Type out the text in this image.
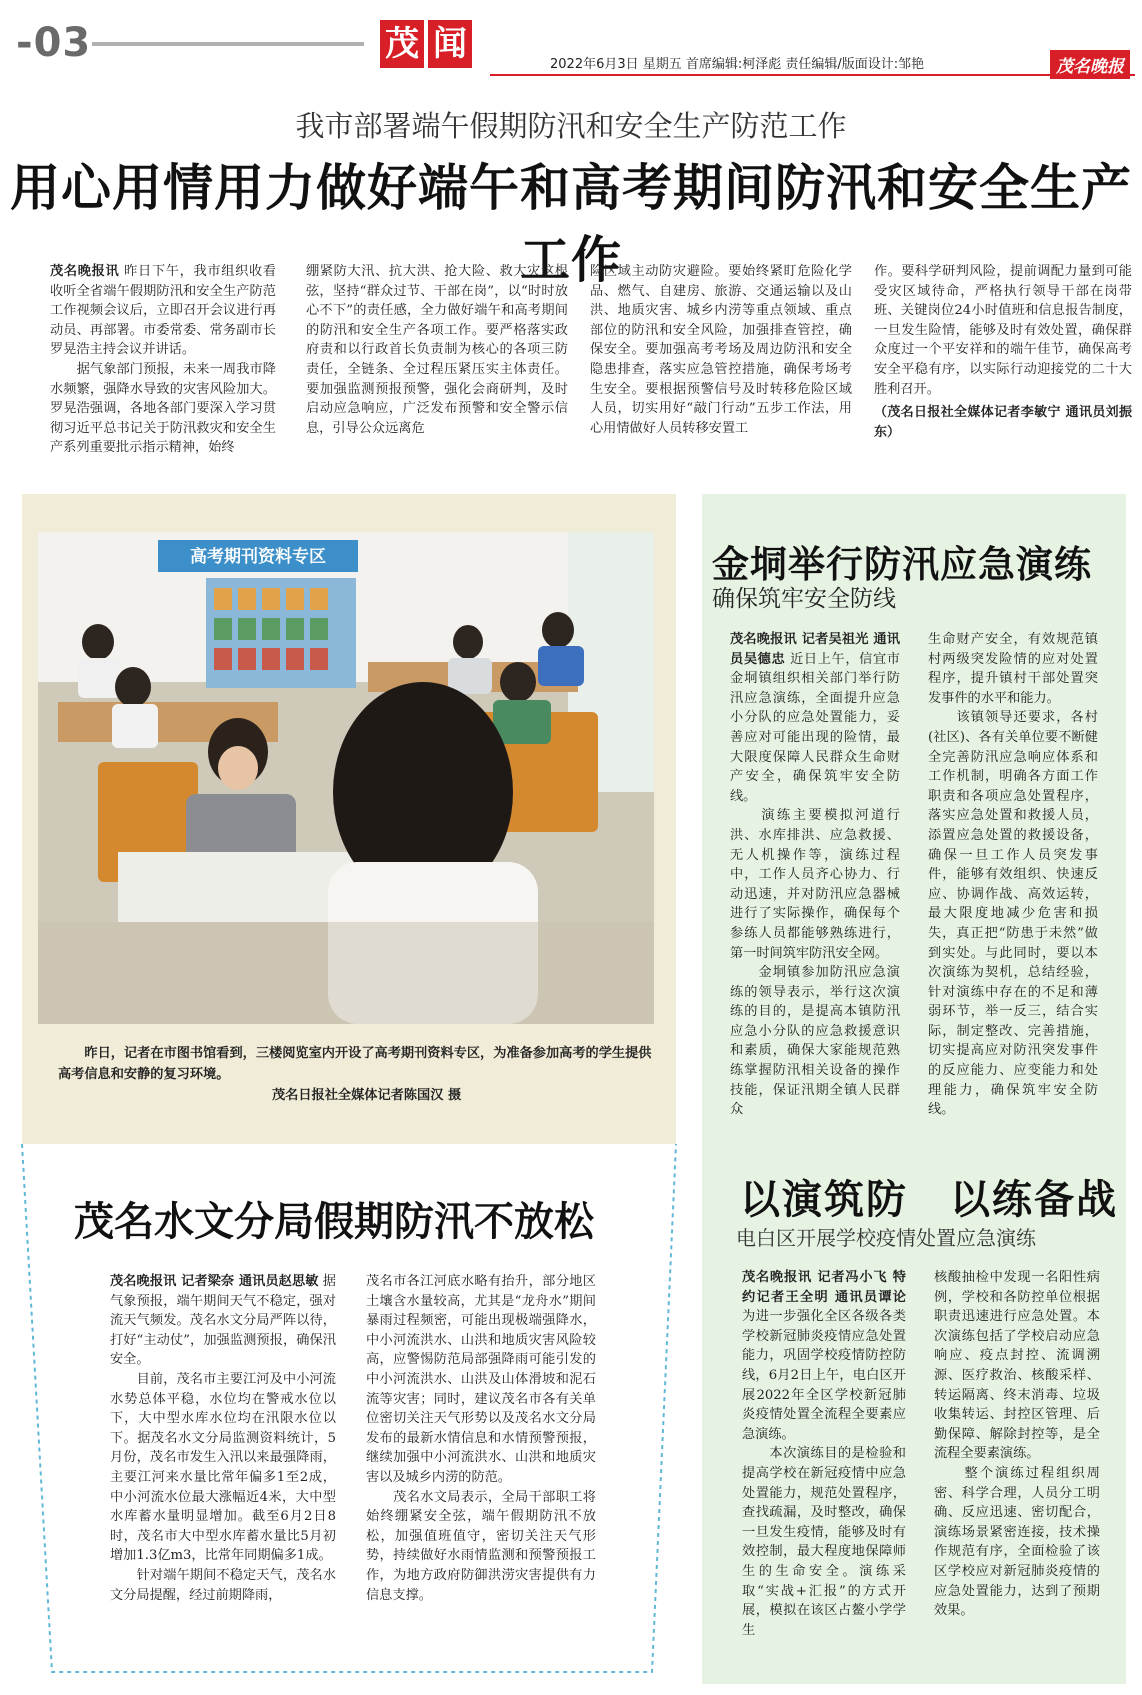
-03	茂 闻
2022年6月3日 星期五 首席编辑:柯泽彪 责任编辑/版面设计:邹艳	茂名晚报
我市部署端午假期防汛和安全生产防范工作
用心用情用力做好端午和高考期间防汛和安全生产工作
茂名晚报讯 昨日下午，我市组织收看收听全省端午假期防汛和安全生产防范工作视频会议后，立即召开会议进行再动员、再部署。市委常委、常务副市长罗晃浩主持会议并讲话。
　　据气象部门预报，未来一周我市降水频繁，强降水导致的灾害风险加大。罗晃浩强调，各地各部门要深入学习贯彻习近平总书记关于防汛救灾和安全生产系列重要批示指示精神，始终
绷紧防大汛、抗大洪、抢大险、救大灾这根弦，坚持“群众过节、干部在岗”，以“时时放心不下”的责任感，全力做好端午和高考期间的防汛和安全生产各项工作。要严格落实政府责和以行政首长负责制为核心的各项三防责任，全链条、全过程压紧压实主体责任。要加强监测预报预警，强化会商研判，及时启动应急响应，广泛发布预警和安全警示信息，引导公众远离危
险区域主动防灾避险。要始终紧盯危险化学品、燃气、自建房、旅游、交通运输以及山洪、地质灾害、城乡内涝等重点领域、重点部位的防汛和安全风险，加强排查管控，确保安全。要加强高考考场及周边防汛和安全隐患排查，落实应急管控措施，确保考场考生安全。要根据预警信号及时转移危险区域人员，切实用好“敲门行动”五步工作法，用心用情做好人员转移安置工
作。要科学研判风险，提前调配力量到可能受灾区域待命，严格执行领导干部在岗带班、关键岗位24小时值班和信息报告制度，一旦发生险情，能够及时有效处置，确保群众度过一个平安祥和的端午佳节，确保高考安全平稳有序，以实际行动迎接党的二十大胜利召开。
（茂名日报社全媒体记者李敏宁 通讯员刘振东）
高考期刊资料专区
昨日，记者在市图书馆看到，三楼阅览室内开设了高考期刊资料专区，为准备参加高考的学生提供高考信息和安静的复习环境。
茂名日报社全媒体记者陈国汉 摄
茂名水文分局假期防汛不放松
茂名晚报讯 记者梁奈 通讯员赵思敏 据气象预报，端午期间天气不稳定，强对流天气频发。茂名水文分局严阵以待，打好“主动仗”，加强监测预报，确保汛安全。
　　目前，茂名市主要江河及中小河流水势总体平稳，水位均在警戒水位以下，大中型水库水位均在汛限水位以下。据茂名水文分局监测资料统计，5月份，茂名市发生入汛以来最强降雨，主要江河来水量比常年偏多1至2成，中小河流水位最大涨幅近4米，大中型水库蓄水量明显增加。截至6月2日8时，茂名市大中型水库蓄水量比5月初增加1.3亿m3，比常年同期偏多1成。
　　针对端午期间不稳定天气，茂名水文分局提醒，经过前期降雨，
茂名市各江河底水略有抬升，部分地区土壤含水量较高，尤其是“龙舟水”期间暴雨过程频密，可能出现极端强降水，中小河流洪水、山洪和地质灾害风险较高，应警惕防范局部强降雨可能引发的中小河流洪水、山洪及山体滑坡和泥石流等灾害；同时，建议茂名市各有关单位密切关注天气形势以及茂名水文分局发布的最新水情信息和水情预警预报，继续加强中小河流洪水、山洪和地质灾害以及城乡内涝的防范。
　　茂名水文局表示，全局干部职工将始终绷紧安全弦，端午假期防汛不放松，加强值班值守，密切关注天气形势，持续做好水雨情监测和预警预报工作，为地方政府防御洪涝灾害提供有力信息支撑。
金垌举行防汛应急演练
确保筑牢安全防线
茂名晚报讯 记者吴祖光 通讯员吴德忠 近日上午，信宜市金垌镇组织相关部门举行防汛应急演练，全面提升应急小分队的应急处置能力，妥善应对可能出现的险情，最大限度保障人民群众生命财产安全，确保筑牢安全防线。
　　演练主要模拟河道行洪、水库排洪、应急救援、无人机操作等，演练过程中，工作人员齐心协力、行动迅速，并对防汛应急器械进行了实际操作，确保每个参练人员都能够熟练进行，第一时间筑牢防汛安全网。
　　金垌镇参加防汛应急演练的领导表示，举行这次演练的目的，是提高本镇防汛应急小分队的应急救援意识和素质，确保大家能规范熟练掌握防汛相关设备的操作技能，保证汛期全镇人民群众
生命财产安全，有效规范镇村两级突发险情的应对处置程序，提升镇村干部处置突发事件的水平和能力。
　　该镇领导还要求，各村(社区)、各有关单位要不断健全完善防汛应急响应体系和工作机制，明确各方面工作职责和各项应急处置程序，落实应急处置和救援人员，添置应急处置的救援设备，确保一旦工作人员突发事件，能够有效组织、快速反应、协调作战、高效运转，最大限度地减少危害和损失，真正把“防患于未然”做到实处。与此同时，要以本次演练为契机，总结经验，针对演练中存在的不足和薄弱环节，举一反三，结合实际，制定整改、完善措施，切实提高应对防汛突发事件的反应能力、应变能力和处理能力，确保筑牢安全防线。
以演筑防　以练备战
电白区开展学校疫情处置应急演练
茂名晚报讯 记者冯小飞 特约记者王全明 通讯员谭论 为进一步强化全区各级各类学校新冠肺炎疫情应急处置能力，巩固学校疫情防控防线，6月2日上午，电白区开展2022年全区学校新冠肺炎疫情处置全流程全要素应急演练。
　　本次演练目的是检验和提高学校在新冠疫情中应急处置能力，规范处置程序，查找疏漏，及时整改，确保一旦发生疫情，能够及时有效控制，最大程度地保障师生的生命安全。演练采取“实战+汇报”的方式开展，模拟在该区占鳌小学学生
核酸抽检中发现一名阳性病例，学校和各防控单位根据职责迅速进行应急处置。本次演练包括了学校启动应急响应、疫点封控、流调溯源、医疗救治、核酸采样、转运隔离、终末消毒、垃圾收集转运、封控区管理、后勤保障、解除封控等，是全流程全要素演练。
　　整个演练过程组织周密、科学合理，人员分工明确、反应迅速、密切配合，演练场景紧密连接，技术操作规范有序，全面检验了该区学校应对新冠肺炎疫情的应急处置能力，达到了预期效果。
